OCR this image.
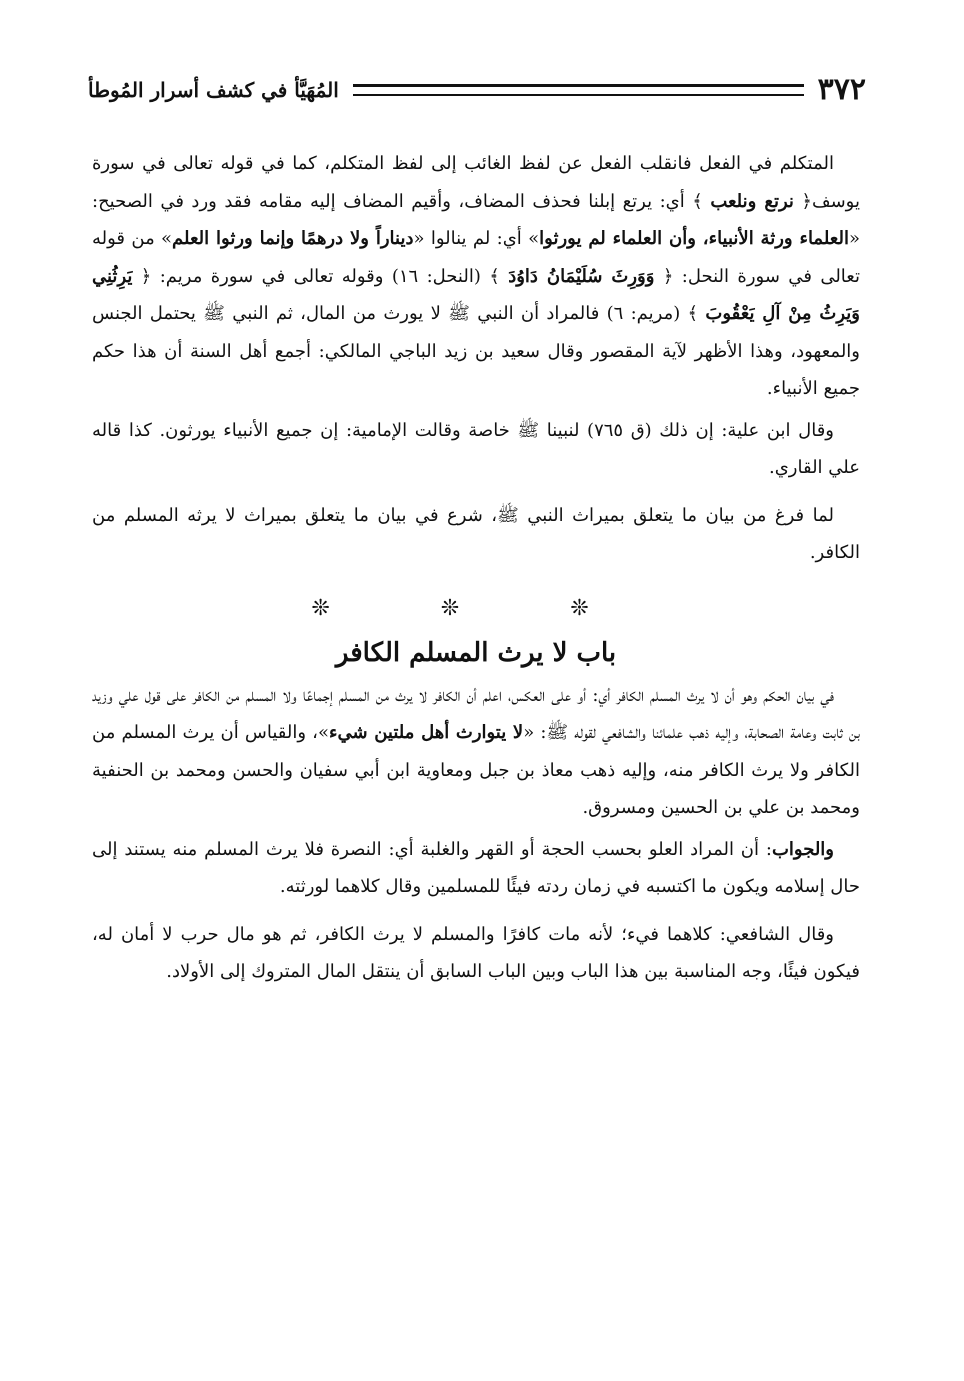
٣٧٢
المُهَيَّأ في كشف أسرار المُوطأ

المتكلم في الفعل فانقلب الفعل عن لفظ الغائب إلى لفظ المتكلم، كما في قوله تعالى في سورة يوسف﴿ نرتع ونلعب ﴾ أي: يرتع إبلنا فحذف المضاف، وأقيم المضاف إليه مقامه فقد ورد في الصحيح: «العلماء ورثة الأنبياء، وأن العلماء لم يورثوا» أي: لم ينالوا «ديناراً ولا درهمًا وإنما ورثوا العلم» من قوله تعالى في سورة النحل: ﴿ وَوَرِثَ سُلَيْمَانُ دَاوُدَ ﴾ (النحل: ١٦) وقوله تعالى في سورة مريم: ﴿ يَرِثُنِي وَيَرِثُ مِنْ آلِ يَعْقُوبَ ﴾ (مريم: ٦) فالمراد أن النبي ﷺ لا يورث من المال، ثم النبي ﷺ يحتمل الجنس والمعهود، وهذا الأظهر لآية المقصور وقال سعيد بن زيد الباجي المالكي: أجمع أهل السنة أن هذا حكم جميع الأنبياء.

وقال ابن علية: إن ذلك (ق ٧٦٥) لنبينا ﷺ خاصة وقالت الإمامية: إن جميع الأنبياء يورثون. كذا قاله علي القاري.

لما فرغ من بيان ما يتعلق بميراث النبي ﷺ، شرع في بيان ما يتعلق بميراث لا يرثه المسلم من الكافر.

❊ ❊ ❊
باب لا يرث المسلم الكافر

في بيان الحكم وهو أن لا يرث المسلم الكافر أي: أو على العكس، اعلم أن الكافر لا يرث من المسلم إجماعًا ولا المسلم من الكافر على قول علي وزيد بن ثابت وعامة الصحابة، وإليه ذهب علمائنا والشافعي لقوله ﷺ: «لا يتوارث أهل ملتين شيء»، والقياس أن يرث المسلم من الكافر ولا يرث الكافر منه، وإليه ذهب معاذ بن جبل ومعاوية ابن أبي سفيان والحسن ومحمد بن الحنفية ومحمد بن علي بن الحسين ومسروق.

والجواب: أن المراد العلو بحسب الحجة أو القهر والغلبة أي: النصرة فلا يرث المسلم منه يستند إلى حال إسلامه ويكون ما اكتسبه في زمان ردته فيئًا للمسلمين وقال كلاهما لورثته.

وقال الشافعي: كلاهما فيء؛ لأنه مات كافرًا والمسلم لا يرث الكافر، ثم هو مال حرب لا أمان له، فيكون فيئًا، وجه المناسبة بين هذا الباب وبين الباب السابق أن ينتقل المال المتروك إلى الأولاد.
